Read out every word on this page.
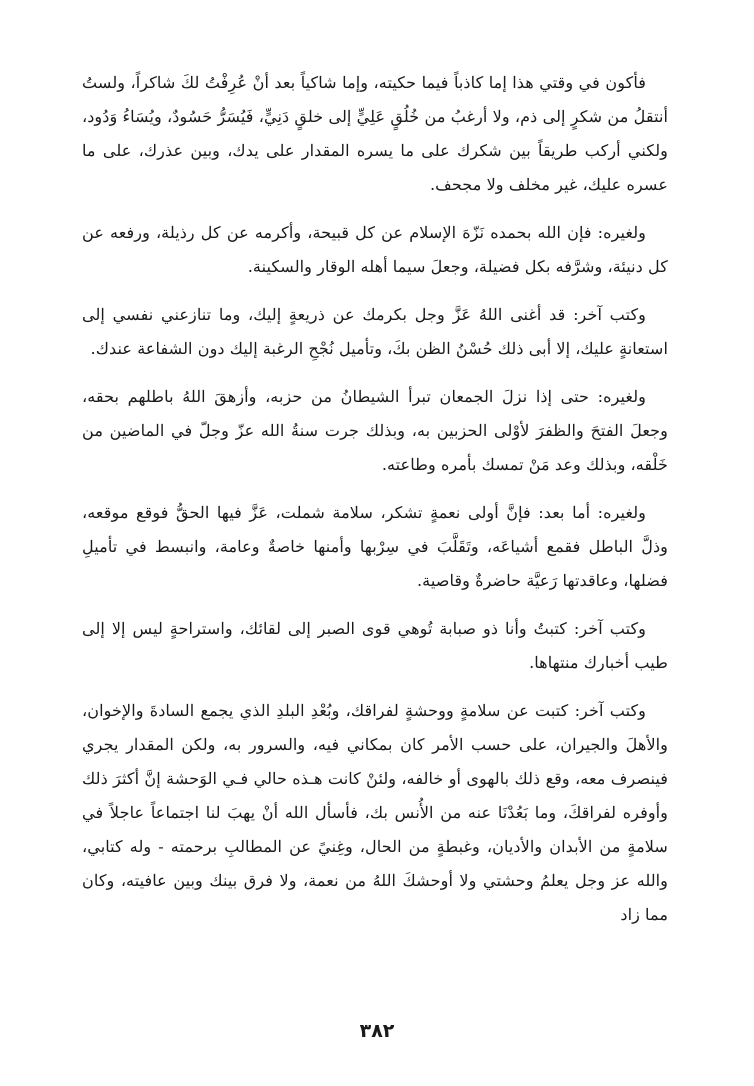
فأكون في وقتي هذا إما كاذباً فيما حكيته، وإما شاكياً بعد أنْ عُرِفْتُ لكَ شاكراً، ولستُ أنتقلُ من شكرٍ إلى ذم، ولا أرغبُ من خُلُقٍ عَلِيٍّ إلى خلقٍ دَنِيٍّ، فَيُسَرُّ حَسُودٌ، ويُسَاءُ وَدُود، ولكني أركب طريقاً بين شكرك على ما يسره المقدار على يدك، وبين عذرك، على ما عسره عليك، غير مخلف ولا مجحف.

ولغيره: فإن الله بحمده نَزّهَ الإسلام عن كل قبيحة، وأكرمه عن كل رذيلة، ورفعه عن كل دنيئة، وشرَّفه بكل فضيلة، وجعلَ سيما أهله الوقار والسكينة.

وكتب آخر: قد أغنى اللهُ عَزَّ وجل بكرمك عن ذريعةٍ إليك، وما تنازعني نفسي إلى استعانةٍ عليك، إلا أبى ذلك حُسْنُ الظن بكَ، وتأميل نُجْحِ الرغبة إليك دون الشفاعة عندك.

ولغيره: حتى إذا نزلَ الجمعان تبرأ الشيطانُ من حزبه، وأزهقَ اللهُ باطلهم بحقه، وجعلَ الفتحَ والظفرَ لأوْلى الحزبين به، وبذلك جرت سنةُ الله عزّ وجلّ في الماضين من خَلْقه، وبذلك وعد مَنْ تمسك بأمره وطاعته.

ولغيره: أما بعد: فإنَّ أولى نعمةٍ تشكر، سلامة شملت، عَزَّ فيها الحقُّ فوقع موقعه، وذلَّ الباطل فقمع أشياعَه، وتَقَلَّبَ في سِرْبها وأمنها خاصةٌ وعامة، وانبسط في تأميلِ فضلها، وعاقدتها رَعيَّة حاضرةٌ وقاصية.

وكتب آخر: كتبتُ وأنا ذو صبابة تُوهي قوى الصبر إلى لقائك، واستراحةٍ ليس إلا إلى طيب أخبارك منتهاها.

وكتب آخر: كتبت عن سلامةٍ ووحشةٍ لفراقك، وبُعْدِ البلدِ الذي يجمع السادةَ والإخوان، والأهلَ والجيران، على حسب الأمر كان بمكاني فيه، والسرور به، ولكن المقدار يجري فينصرف معه، وقع ذلك بالهوى أو خالفه، ولئنْ كانت هـذه حالي فـي الوَحشة إنَّ أكثرَ ذلك وأوفره لفراقكَ، وما بَعُدْنَا عنه من الأُنس بك، فأسأل الله أنْ يهبَ لنا اجتماعاً عاجلاً في سلامةٍ من الأبدان والأديان، وغبطةٍ من الحال، وغِنيً عن المطالبِ برحمته - وله كتابي، والله عز وجل يعلمُ وحشتي ولا أوحشكَ اللهُ من نعمة، ولا فرق بينك وبين عافيته، وكان مما زاد

٣٨٢
